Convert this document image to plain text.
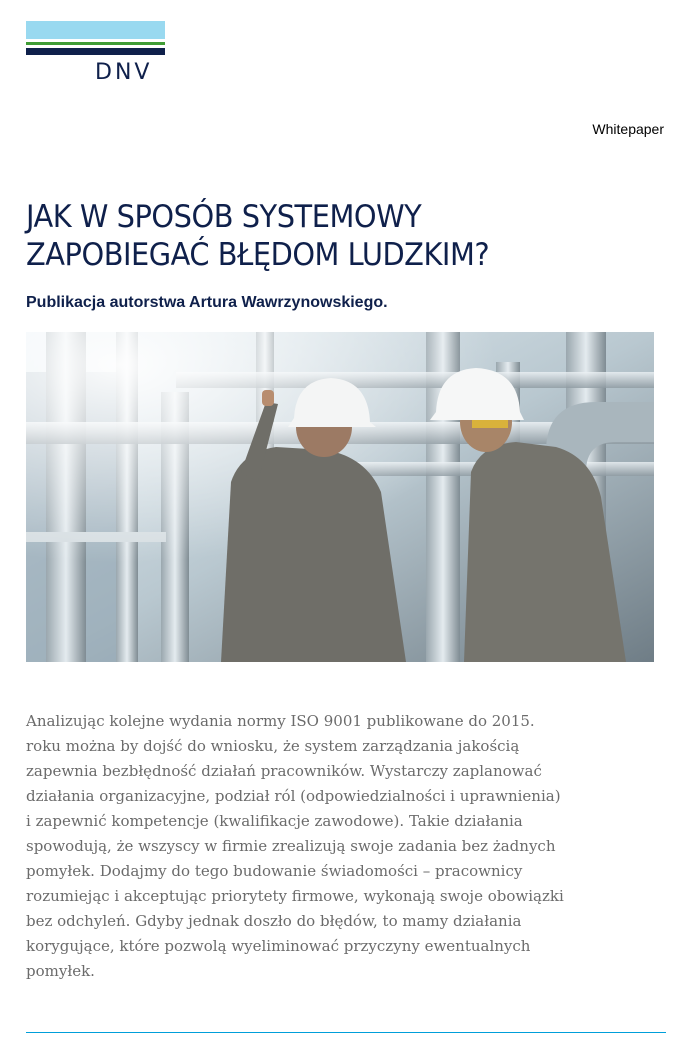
DNV
Whitepaper
JAK W SPOSÓB SYSTEMOWY
ZAPOBIEGAĆ BŁĘDOM LUDZKIM?

Publikacja autorstwa Artura Wawrzynowskiego.

Analizując kolejne wydania normy ISO 9001 publikowane do 2015.
roku można by dojść do wniosku, że system zarządzania jakością
zapewnia bezbłędność działań pracowników. Wystarczy zaplanować
działania organizacyjne, podział ról (odpowiedzialności i uprawnienia)
i zapewnić kompetencje (kwalifikacje zawodowe). Takie działania
spowodują, że wszyscy w firmie zrealizują swoje zadania bez żadnych
pomyłek. Dodajmy do tego budowanie świadomości – pracownicy
rozumiejąc i akceptując priorytety firmowe, wykonają swoje obowiązki
bez odchyleń. Gdyby jednak doszło do błędów, to mamy działania
korygujące, które pozwolą wyeliminować przyczyny ewentualnych
pomyłek.
